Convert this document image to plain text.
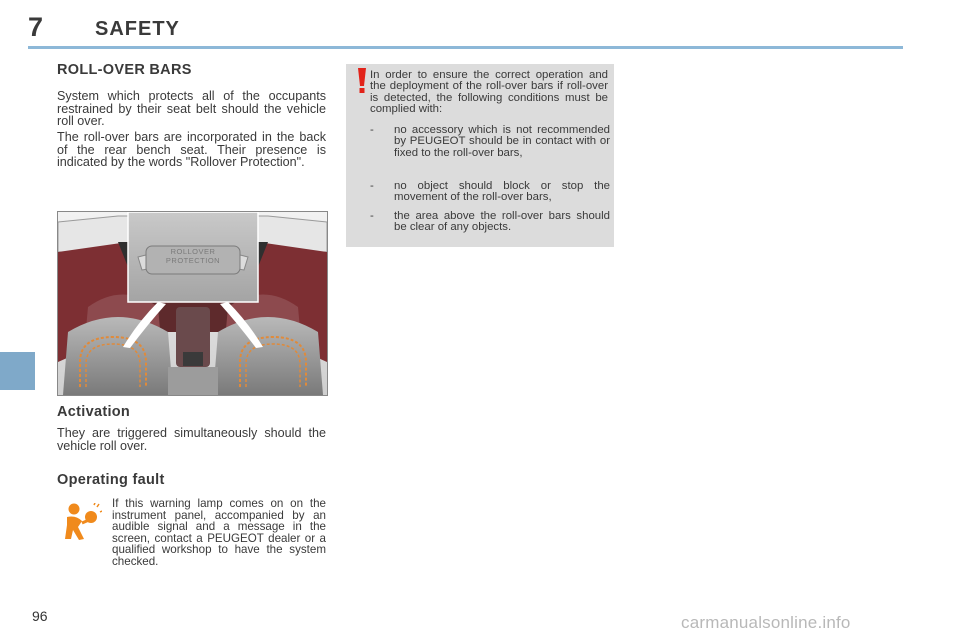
7	SAFETY
ROLL-OVER BARS

System which protects all of the occupants restrained by their seat belt should the vehicle roll over.

The roll-over bars are incorporated in the back of the rear bench seat. Their presence is indicated by the words "Rollover Protection".

ROLLOVER
PROTECTION
Activation

They are triggered simultaneously should the vehicle roll over.

Operating fault

If this warning lamp comes on on the instrument panel, accompanied by an audible signal and a message in the screen, contact a PEUGEOT dealer or a qualified workshop to have the system checked.

In order to ensure the correct operation and the deployment of the roll-over bars if roll-over is detected, the following conditions must be complied with:

- no accessory which is not recommended by PEUGEOT should be in contact with or fixed to the roll-over bars,
- no object should block or stop the movement of the roll-over bars,
- the area above the roll-over bars should be clear of any objects.
96	carmanualsonline.info
